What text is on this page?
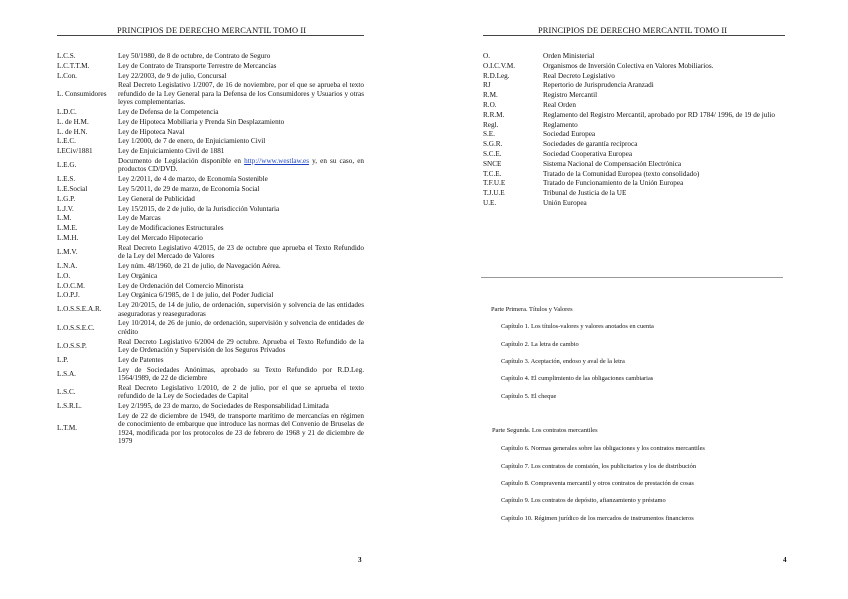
PRINCIPIOS DE DERECHO MERCANTIL TOMO II
L.C.S.	Ley 50/1980, de 8 de octubre, de Contrato de Seguro
L.C.T.T.M.	Ley de Contrato de Transporte Terrestre de Mercancías
L.Con.	Ley 22/2003, de 9 de julio, Concursal
L. Consumidores	Real Decreto Legislativo 1/2007, de 16 de noviembre, por el que se aprueba el texto refundido de la Ley General para la Defensa de los Consumidores y Usuarios y otras leyes complementarias.
L.D.C.	Ley de Defensa de la Competencia
L. de H.M.	Ley de Hipoteca Mobiliaria y Prenda Sin Desplazamiento
L. de H.N.	Ley de Hipoteca Naval
L.E.C.	Ley 1/2000, de 7 de enero, de Enjuiciamiento Civil
LECiv/1881	Ley de Enjuiciamiento Civil de 1881
L.E.G.	Documento de Legislación disponible en http://www.westlaw.es y, en su caso, en productos CD/DVD.
L.E.S.	Ley 2/2011, de 4 de marzo, de Economía Sostenible
L.E.Social	Ley 5/2011, de 29 de marzo, de Economía Social
L.G.P.	Ley General de Publicidad
L.J.V.	Ley 15/2015, de 2 de julio, de la Jurisdicción Voluntaria
L.M.	Ley de Marcas
L.M.E.	Ley de Modificaciones Estructurales
L.M.H.	Ley del Mercado Hipotecario
L.M.V.	Real Decreto Legislativo 4/2015, de 23 de octubre que aprueba el Texto Refundido de la Ley del Mercado de Valores
L.N.A.	Ley núm. 48/1960, de 21 de julio, de Navegación Aérea.
L.O.	Ley Orgánica
L.O.C.M.	Ley de Ordenación del Comercio Minorista
L.O.P.J.	Ley Orgánica 6/1985, de 1 de julio, del Poder Judicial
L.O.S.S.E.A.R.	Ley 20/2015, de 14 de julio, de ordenación, supervisión y solvencia de las entidades aseguradoras y reaseguradoras
L.O.S.S.E.C.	Ley 10/2014, de 26 de junio, de ordenación, supervisión y solvencia de entidades de crédito
L.O.S.S.P.	Real Decreto Legislativo 6/2004 de 29 octubre. Aprueba el Texto Refundido de la Ley de Ordenación y Supervisión de los Seguros Privados
L.P.	Ley de Patentes
L.S.A.	Ley de Sociedades Anónimas, aprobado su Texto Refundido por R.D.Leg. 1564/1989, de 22 de diciembre
L.S.C.	Real Decreto Legislativo 1/2010, de 2 de julio, por el que se aprueba el texto refundido de la Ley de Sociedades de Capital
L.S.R.L.	Ley 2/1995, de 23 de marzo, de Sociedades de Responsabilidad Limitada
L.T.M.	Ley de 22 de diciembre de 1949, de transporte marítimo de mercancías en régimen de conocimiento de embarque que introduce las normas del Convenio de Bruselas de 1924, modificada por los protocolos de 23 de febrero de 1968 y 21 de diciembre de 1979
3
PRINCIPIOS DE DERECHO MERCANTIL TOMO II
O.	Orden Ministerial
O.I.C.V.M.	Organismos de Inversión Colectiva en Valores Mobiliarios.
R.D.Leg.	Real Decreto Legislativo
RJ	Repertorio de Jurisprudencia Aranzadi
R.M.	Registro Mercantil
R.O.	Real Orden
R.R.M.	Reglamento del Registro Mercantil, aprobado por RD 1784/ 1996, de 19 de julio
Regl.	Reglamento
S.E.	Sociedad Europea
S.G.R.	Sociedades de garantía recíproca
S.C.E.	Sociedad Cooperativa Europea
SNCE	Sistema Nacional de Compensación Electrónica
T.C.E.	Tratado de la Comunidad Europea (texto consolidado)
T.F.U.E	Tratado de Funcionamiento de la Unión Europea
T.J.U.E	Tribunal de Justicia de la UE
U.E.	Unión Europea
Parte Primera. Títulos y Valores
Capítulo 1. Los títulos-valores y valores anotados en cuenta
Capítulo 2. La letra de cambio
Capítulo 3. Aceptación, endoso y aval de la letra
Capítulo 4. El cumplimiento de las obligaciones cambiarias
Capítulo 5. El cheque
Parte Segunda. Los contratos mercantiles
Capítulo 6. Normas generales sobre las obligaciones y los contratos mercantiles
Capítulo 7. Los contratos de comisión, los publicitarios y los de distribución
Capítulo 8. Compraventa mercantil y otros contratos de prestación de cosas
Capítulo 9. Los contratos de depósito, afianzamiento y préstamo
Capítulo 10. Régimen jurídico de los mercados de instrumentos financieros
4
